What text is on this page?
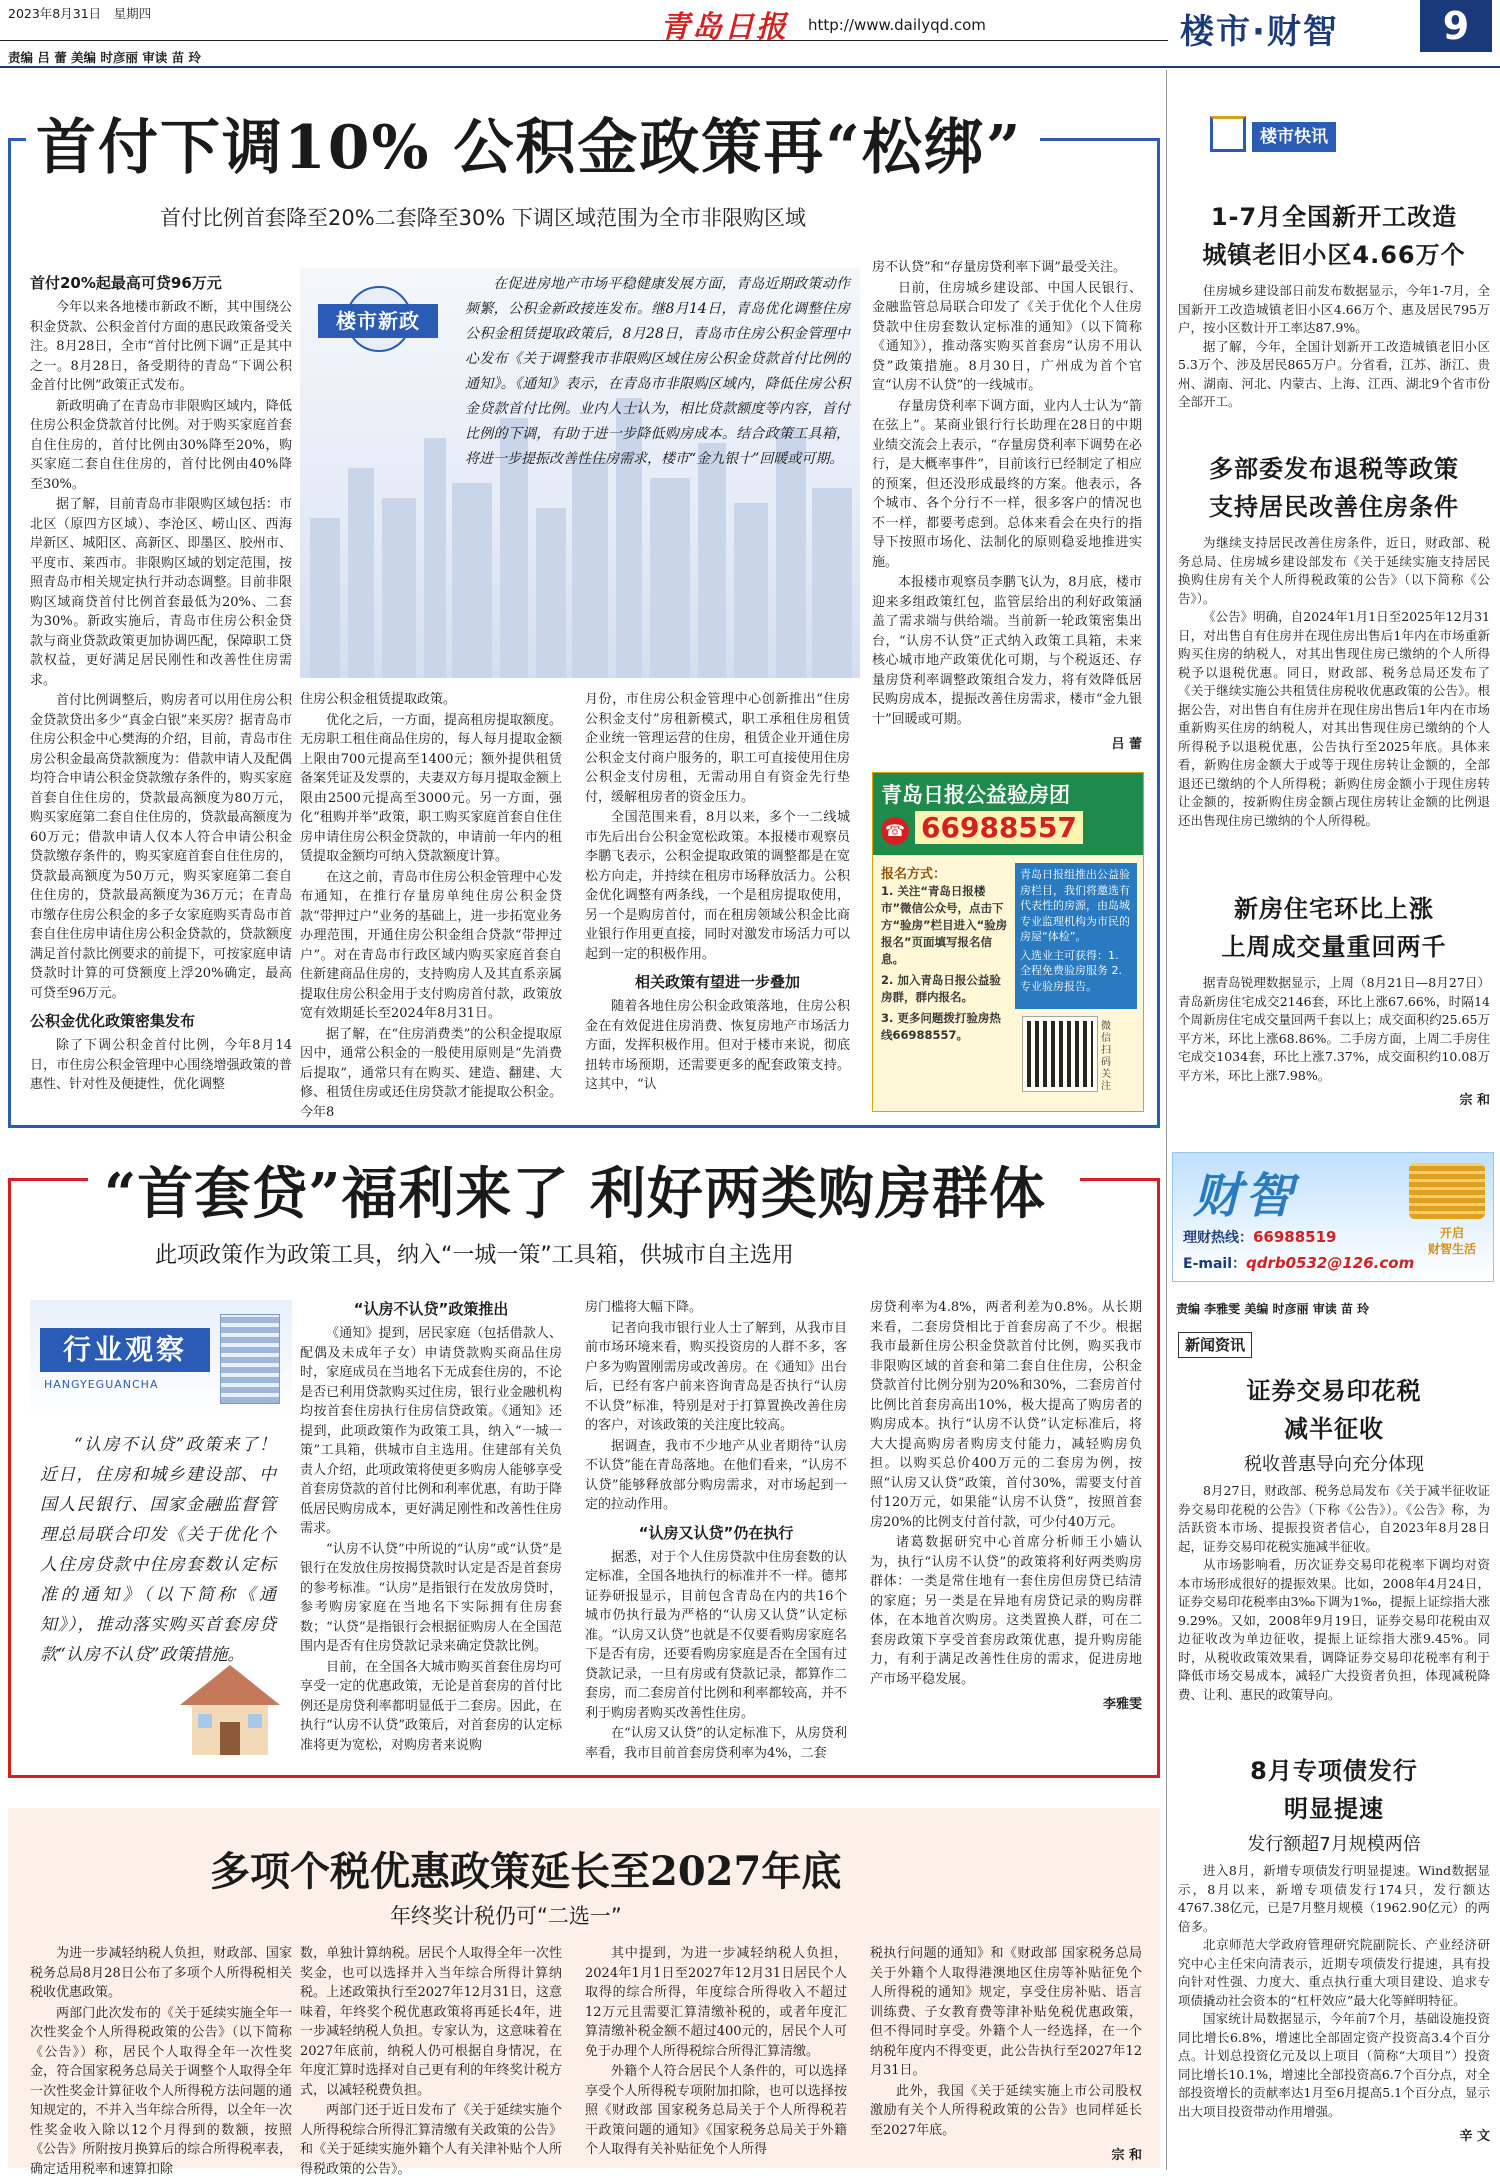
2023年8月31日　星期四
责编 吕 蕾 美编 时彦丽 审读 苗 玲
青岛日报 http://www.dailyqd.com	楼市·财智	9
首付下调10% 公积金政策再“松绑”
首付比例首套降至20%二套降至30% 下调区域范围为全市非限购区域
首付20%起最高可贷96万元

今年以来各地楼市新政不断，其中围绕公积金贷款、公积金首付方面的惠民政策备受关注。8月28日，全市“首付比例下调”正是其中之一。8月28日，备受期待的青岛“下调公积金首付比例”政策正式发布。

新政明确了在青岛市非限购区域内，降低住房公积金贷款首付比例。对于购买家庭首套自住住房的，首付比例由30%降至20%，购买家庭二套自住住房的，首付比例由40%降至30%。

据了解，目前青岛市非限购区域包括：市北区（原四方区域）、李沧区、崂山区、西海岸新区、城阳区、高新区、即墨区、胶州市、平度市、莱西市。非限购区域的划定范围，按照青岛市相关规定执行并动态调整。目前非限购区域商贷首付比例首套最低为20%、二套为30%。新政实施后，青岛市住房公积金贷款与商业贷款政策更加协调匹配，保障职工贷款权益，更好满足居民刚性和改善性住房需求。

首付比例调整后，购房者可以用住房公积金贷款贷出多少“真金白银”来买房？据青岛市住房公积金中心樊海的介绍，目前，青岛市住房公积金最高贷款额度为：借款申请人及配偶均符合申请公积金贷款缴存条件的，购买家庭首套自住住房的，贷款最高额度为80万元，购买家庭第二套自住住房的，贷款最高额度为60万元；借款申请人仅本人符合申请公积金贷款缴存条件的，购买家庭首套自住住房的，贷款最高额度为50万元，购买家庭第二套自住住房的，贷款最高额度为36万元；在青岛市缴存住房公积金的多子女家庭购买青岛市首套自住住房申请住房公积金贷款的，贷款额度满足首付款比例要求的前提下，可按家庭申请贷款时计算的可贷额度上浮20%确定，最高可贷至96万元。

公积金优化政策密集发布

除了下调公积金首付比例，今年8月14日，市住房公积金管理中心围绕增强政策的普惠性、针对性及便捷性，优化调整

楼市新政
在促进房地产市场平稳健康发展方面，青岛近期政策动作频繁，公积金新政接连发布。继8月14日，青岛优化调整住房公积金租赁提取政策后，8月28日，青岛市住房公积金管理中心发布《关于调整我市非限购区域住房公积金贷款首付比例的通知》。《通知》表示，在青岛市非限购区域内，降低住房公积金贷款首付比例。业内人士认为，相比贷款额度等内容，首付比例的下调，有助于进一步降低购房成本。结合政策工具箱，将进一步提振改善性住房需求，楼市“金九银十”回暖或可期。

住房公积金租赁提取政策。

优化之后，一方面，提高租房提取额度。无房职工租住商品住房的，每人每月提取金额上限由700元提高至1400元；额外提供租赁备案凭证及发票的，夫妻双方每月提取金额上限由2500元提高至3000元。另一方面，强化“租购并举”政策，职工购买家庭首套自住住房申请住房公积金贷款的，申请前一年内的租赁提取金额均可纳入贷款额度计算。

在这之前，青岛市住房公积金管理中心发布通知，在推行存量房单纯住房公积金贷款“带押过户”业务的基础上，进一步拓宽业务办理范围，开通住房公积金组合贷款“带押过户”。对在青岛市行政区域内购买家庭首套自住新建商品住房的，支持购房人及其直系亲属提取住房公积金用于支付购房首付款，政策放宽有效期延长至2024年8月31日。

据了解，在“住房消费类”的公积金提取原因中，通常公积金的一般使用原则是“先消费后提取”，通常只有在购买、建造、翻建、大修、租赁住房或还住房贷款才能提取公积金。今年8

月份，市住房公积金管理中心创新推出“住房公积金支付”房租新模式，职工承租住房租赁企业统一管理运营的住房，租赁企业开通住房公积金支付商户服务的，职工可直接使用住房公积金支付房租，无需动用自有资金先行垫付，缓解租房者的资金压力。

全国范围来看，8月以来，多个一二线城市先后出台公积金宽松政策。本报楼市观察员李鹏飞表示，公积金提取政策的调整都是在宽松方向走，并持续在租房市场释放活力。公积金优化调整有两条线，一个是租房提取使用，另一个是购房首付，而在租房领域公积金比商业银行作用更直接，同时对激发市场活力可以起到一定的积极作用。

相关政策有望进一步叠加

随着各地住房公积金政策落地，住房公积金在有效促进住房消费、恢复房地产市场活力方面，发挥积极作用。但对于楼市来说，彻底扭转市场预期，还需要更多的配套政策支持。这其中，“认

房不认贷”和“存量房贷利率下调”最受关注。

日前，住房城乡建设部、中国人民银行、金融监管总局联合印发了《关于优化个人住房贷款中住房套数认定标准的通知》（以下简称《通知》），推动落实购买首套房“认房不用认贷”政策措施。8月30日，广州成为首个官宣“认房不认贷”的一线城市。

存量房贷利率下调方面，业内人士认为“箭在弦上”。某商业银行行长助理在28日的中期业绩交流会上表示，“存量房贷利率下调势在必行，是大概率事件”，目前该行已经制定了相应的预案，但还没形成最终的方案。他表示，各个城市、各个分行不一样，很多客户的情况也不一样，都要考虑到。总体来看会在央行的指导下按照市场化、法制化的原则稳妥地推进实施。

本报楼市观察员李鹏飞认为，8月底，楼市迎来多组政策红包，监管层给出的利好政策涵盖了需求端与供给端。当前新一轮政策密集出台，“认房不认贷”正式纳入政策工具箱，未来核心城市地产政策优化可期，与个税返还、存量房贷利率调整政策组合发力，将有效降低居民购房成本，提振改善住房需求，楼市“金九银十”回暖或可期。

吕 蕾
青岛日报公益验房团
☎ 66988557
报名方式：

1. 关注“青岛日报楼市”微信公众号，点击下方“验房”栏目进入“验房报名”页面填写报名信息。

2. 加入青岛日报公益验房群，群内报名。

3. 更多问题拨打验房热线66988557。

青岛日报组推出公益验房栏目，我们将邀选有代表性的房源，由岛城专业监理机构为市民的房屋“体检”。

入选业主可获得：1. 全程免费验房服务 2. 专业验房报告。

微信扫码关注
“首套贷”福利来了 利好两类购房群体
此项政策作为政策工具，纳入“一城一策”工具箱，供城市自主选用
行业观察
HANGYEGUANCHA
“认房不认贷”政策来了！近日，住房和城乡建设部、中国人民银行、国家金融监督管理总局联合印发《关于优化个人住房贷款中住房套数认定标准的通知》（以下简称《通知》），推动落实购买首套房贷款“认房不认贷”政策措施。
“认房不认贷”政策推出

《通知》提到，居民家庭（包括借款人、配偶及未成年子女）申请贷款购买商品住房时，家庭成员在当地名下无成套住房的，不论是否已利用贷款购买过住房，银行业金融机构均按首套住房执行住房信贷政策。《通知》还提到，此项政策作为政策工具，纳入“一城一策”工具箱，供城市自主选用。住建部有关负责人介绍，此项政策将使更多购房人能够享受首套房贷款的首付比例和利率优惠，有助于降低居民购房成本，更好满足刚性和改善性住房需求。

“认房不认贷”中所说的“认房”或“认贷”是银行在发放住房按揭贷款时认定是否是首套房的参考标准。“认房”是指银行在发放房贷时，参考购房家庭在当地名下实际拥有住房套数；“认贷”是指银行会根据征购房人在全国范围内是否有住房贷款记录来确定贷款比例。

目前，在全国各大城市购买首套住房均可享受一定的优惠政策，无论是首套房的首付比例还是房贷利率都明显低于二套房。因此，在执行“认房不认贷”政策后，对首套房的认定标准将更为宽松，对购房者来说购

房门槛将大幅下降。

记者向我市银行业人士了解到，从我市目前市场环境来看，购买投资房的人群不多，客户多为购置刚需房或改善房。在《通知》出台后，已经有客户前来咨询青岛是否执行“认房不认贷”标准，特别是对于打算置换改善住房的客户，对该政策的关注度比较高。

据调查，我市不少地产从业者期待“认房不认贷”能在青岛落地。在他们看来，“认房不认贷”能够释放部分购房需求，对市场起到一定的拉动作用。

“认房又认贷”仍在执行

据悉，对于个人住房贷款中住房套数的认定标准，全国各地执行的标准并不一样。德邦证券研报显示，目前包含青岛在内的共16个城市仍执行最为严格的“认房又认贷”认定标准。“认房又认贷”也就是不仅要看购房家庭名下是否有房，还要看购房家庭是否在全国有过贷款记录，一旦有房或有贷款记录，都算作二套房，而二套房首付比例和利率都较高，并不利于购房者购买改善性住房。

在“认房又认贷”的认定标准下，从房贷利率看，我市目前首套房贷利率为4%，二套

房贷利率为4.8%，两者利差为0.8%。从长期来看，二套房贷相比于首套房高了不少。根据我市最新住房公积金贷款首付比例，购买我市非限购区域的首套和第二套自住住房，公积金贷款首付比例分别为20%和30%，二套房首付比例比首套房高出10%，极大提高了购房者的购房成本。执行“认房不认贷”认定标准后，将大大提高购房者购房支付能力，减轻购房负担。以购买总价400万元的二套房为例，按照“认房又认贷”政策，首付30%，需要支付首付120万元，如果能“认房不认贷”，按照首套房20%的比例支付首付款，可少付40万元。

诸葛数据研究中心首席分析师王小嫱认为，执行“认房不认贷”的政策将利好两类购房群体：一类是常住地有一套住房但房贷已结清的家庭；另一类是在异地有房贷记录的购房群体，在本地首次购房。这类置换人群，可在二套房政策下享受首套房政策优惠，提升购房能力，有利于满足改善性住房的需求，促进房地产市场平稳发展。

李雅雯
多项个税优惠政策延长至2027年底
年终奖计税仍可“二选一”

为进一步减轻纳税人负担，财政部、国家税务总局8月28日公布了多项个人所得税相关税收优惠政策。

两部门此次发布的《关于延续实施全年一次性奖金个人所得税政策的公告》（以下简称《公告》）称，居民个人取得全年一次性奖金，符合国家税务总局关于调整个人取得全年一次性奖金计算征收个人所得税方法问题的通知规定的，不并入当年综合所得，以全年一次性奖金收入除以12个月得到的数额，按照《公告》所附按月换算后的综合所得税率表，确定适用税率和速算扣除

数，单独计算纳税。居民个人取得全年一次性奖金，也可以选择并入当年综合所得计算纳税。上述政策执行至2027年12月31日，这意味着，年终奖个税优惠政策将再延长4年，进一步减轻纳税人负担。专家认为，这意味着在2027年底前，纳税人仍可根据自身情况，在年度汇算时选择对自己更有利的年终奖计税方式，以减轻税费负担。

两部门还于近日发布了《关于延续实施个人所得税综合所得汇算清缴有关政策的公告》和《关于延续实施外籍个人有关津补贴个人所得税政策的公告》。

其中提到，为进一步减轻纳税人负担，2024年1月1日至2027年12月31日居民个人取得的综合所得，年度综合所得收入不超过12万元且需要汇算清缴补税的，或者年度汇算清缴补税金额不超过400元的，居民个人可免于办理个人所得税综合所得汇算清缴。

外籍个人符合居民个人条件的，可以选择享受个人所得税专项附加扣除，也可以选择按照《财政部 国家税务总局关于个人所得税若干政策问题的通知》《国家税务总局关于外籍个人取得有关补贴征免个人所得

税执行问题的通知》和《财政部 国家税务总局关于外籍个人取得港澳地区住房等补贴征免个人所得税的通知》规定，享受住房补贴、语言训练费、子女教育费等津补贴免税优惠政策，但不得同时享受。外籍个人一经选择，在一个纳税年度内不得变更，此公告执行至2027年12月31日。

此外，我国《关于延续实施上市公司股权激励有关个人所得税政策的公告》也同样延长至2027年底。

宗 和
楼市快讯
1-7月全国新开工改造
城镇老旧小区4.66万个

住房城乡建设部日前发布数据显示，今年1-7月，全国新开工改造城镇老旧小区4.66万个、惠及居民795万户，按小区数计开工率达87.9%。

据了解，今年，全国计划新开工改造城镇老旧小区5.3万个、涉及居民865万户。分省看，江苏、浙江、贵州、湖南、河北、内蒙古、上海、江西、湖北9个省市份全部开工。

多部委发布退税等政策
支持居民改善住房条件

为继续支持居民改善住房条件，近日，财政部、税务总局、住房城乡建设部发布《关于延续实施支持居民换购住房有关个人所得税政策的公告》（以下简称《公告》）。

《公告》明确，自2024年1月1日至2025年12月31日，对出售自有住房并在现住房出售后1年内在市场重新购买住房的纳税人，对其出售现住房已缴纳的个人所得税予以退税优惠。同日，财政部、税务总局还发布了《关于继续实施公共租赁住房税收优惠政策的公告》。根据公告，对出售自有住房并在现住房出售后1年内在市场重新购买住房的纳税人，对其出售现住房已缴纳的个人所得税予以退税优惠，公告执行至2025年底。具体来看，新购住房金额大于或等于现住房转让金额的，全部退还已缴纳的个人所得税；新购住房金额小于现住房转让金额的，按新购住房金额占现住房转让金额的比例退还出售现住房已缴纳的个人所得税。

新房住宅环比上涨
上周成交量重回两千

据青岛锐理数据显示，上周（8月21日—8月27日）青岛新房住宅成交2146套，环比上涨67.66%，时隔14个周新房住宅成交量回两千套以上；成交面积约25.65万平方米，环比上涨68.86%。二手房方面，上周二手房住宅成交1034套，环比上涨7.37%，成交面积约10.08万平方米，环比上涨7.98%。

宗 和
财智
理财热线：66988519
E-mail：qdrb0532@126.com
开启
财智生活
责编 李雅雯 美编 时彦丽 审读 苗 玲
新闻资讯
证券交易印花税
减半征收
税收普惠导向充分体现

8月27日，财政部、税务总局发布《关于减半征收证券交易印花税的公告》（下称《公告》）。《公告》称，为活跃资本市场、提振投资者信心，自2023年8月28日起，证券交易印花税实施减半征收。

从市场影响看，历次证券交易印花税率下调均对资本市场形成很好的提振效果。比如，2008年4月24日，证券交易印花税率由3‰下调为1‰，提振上证综指大涨9.29%。又如，2008年9月19日，证券交易印花税由双边征收改为单边征收，提振上证综指大涨9.45%。同时，从税收政策效果看，调降证券交易印花税率有利于降低市场交易成本，减轻广大投资者负担，体现减税降费、让利、惠民的政策导向。

8月专项债发行
明显提速
发行额超7月规模两倍

进入8月，新增专项债发行明显提速。Wind数据显示，8月以来，新增专项债发行174只，发行额达4767.38亿元，已是7月整月规模（1962.90亿元）的两倍多。

北京师范大学政府管理研究院副院长、产业经济研究中心主任宋向清表示，近期专项债发行提速，具有投向针对性强、力度大、重点执行重大项目建设、追求专项债撬动社会资本的“杠杆效应”最大化等鲜明特征。

国家统计局数据显示，今年前7个月，基础设施投资同比增长6.8%，增速比全部固定资产投资高3.4个百分点。计划总投资亿元及以上项目（简称“大项目”）投资同比增长10.1%，增速比全部投资高6.7个百分点，对全部投资增长的贡献率达1月至6月提高5.1个百分点，显示出大项目投资带动作用增强。

辛 文
